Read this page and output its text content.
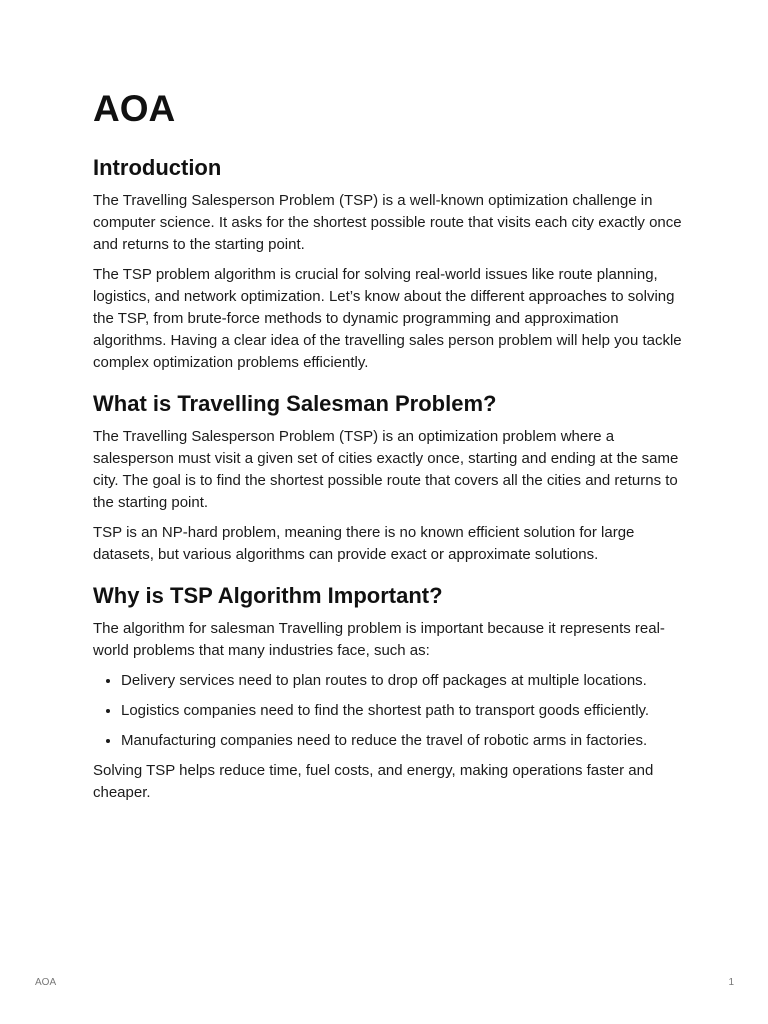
AOA
Introduction

The Travelling Salesperson Problem (TSP) is a well-known optimization challenge in computer science. It asks for the shortest possible route that visits each city exactly once and returns to the starting point.

The TSP problem algorithm is crucial for solving real-world issues like route planning, logistics, and network optimization. Let’s know about the different approaches to solving the TSP, from brute-force methods to dynamic programming and approximation algorithms. Having a clear idea of the travelling sales person problem will help you tackle complex optimization problems efficiently.

What is Travelling Salesman Problem?

The Travelling Salesperson Problem (TSP) is an optimization problem where a salesperson must visit a given set of cities exactly once, starting and ending at the same city. The goal is to find the shortest possible route that covers all the cities and returns to the starting point.

TSP is an NP-hard problem, meaning there is no known efficient solution for large datasets, but various algorithms can provide exact or approximate solutions.

Why is TSP Algorithm Important?

The algorithm for salesman Travelling problem is important because it represents real-world problems that many industries face, such as:

• Delivery services need to plan routes to drop off packages at multiple locations.
• Logistics companies need to find the shortest path to transport goods efficiently.
• Manufacturing companies need to reduce the travel of robotic arms in factories.

Solving TSP helps reduce time, fuel costs, and energy, making operations faster and cheaper.

AOA	1
